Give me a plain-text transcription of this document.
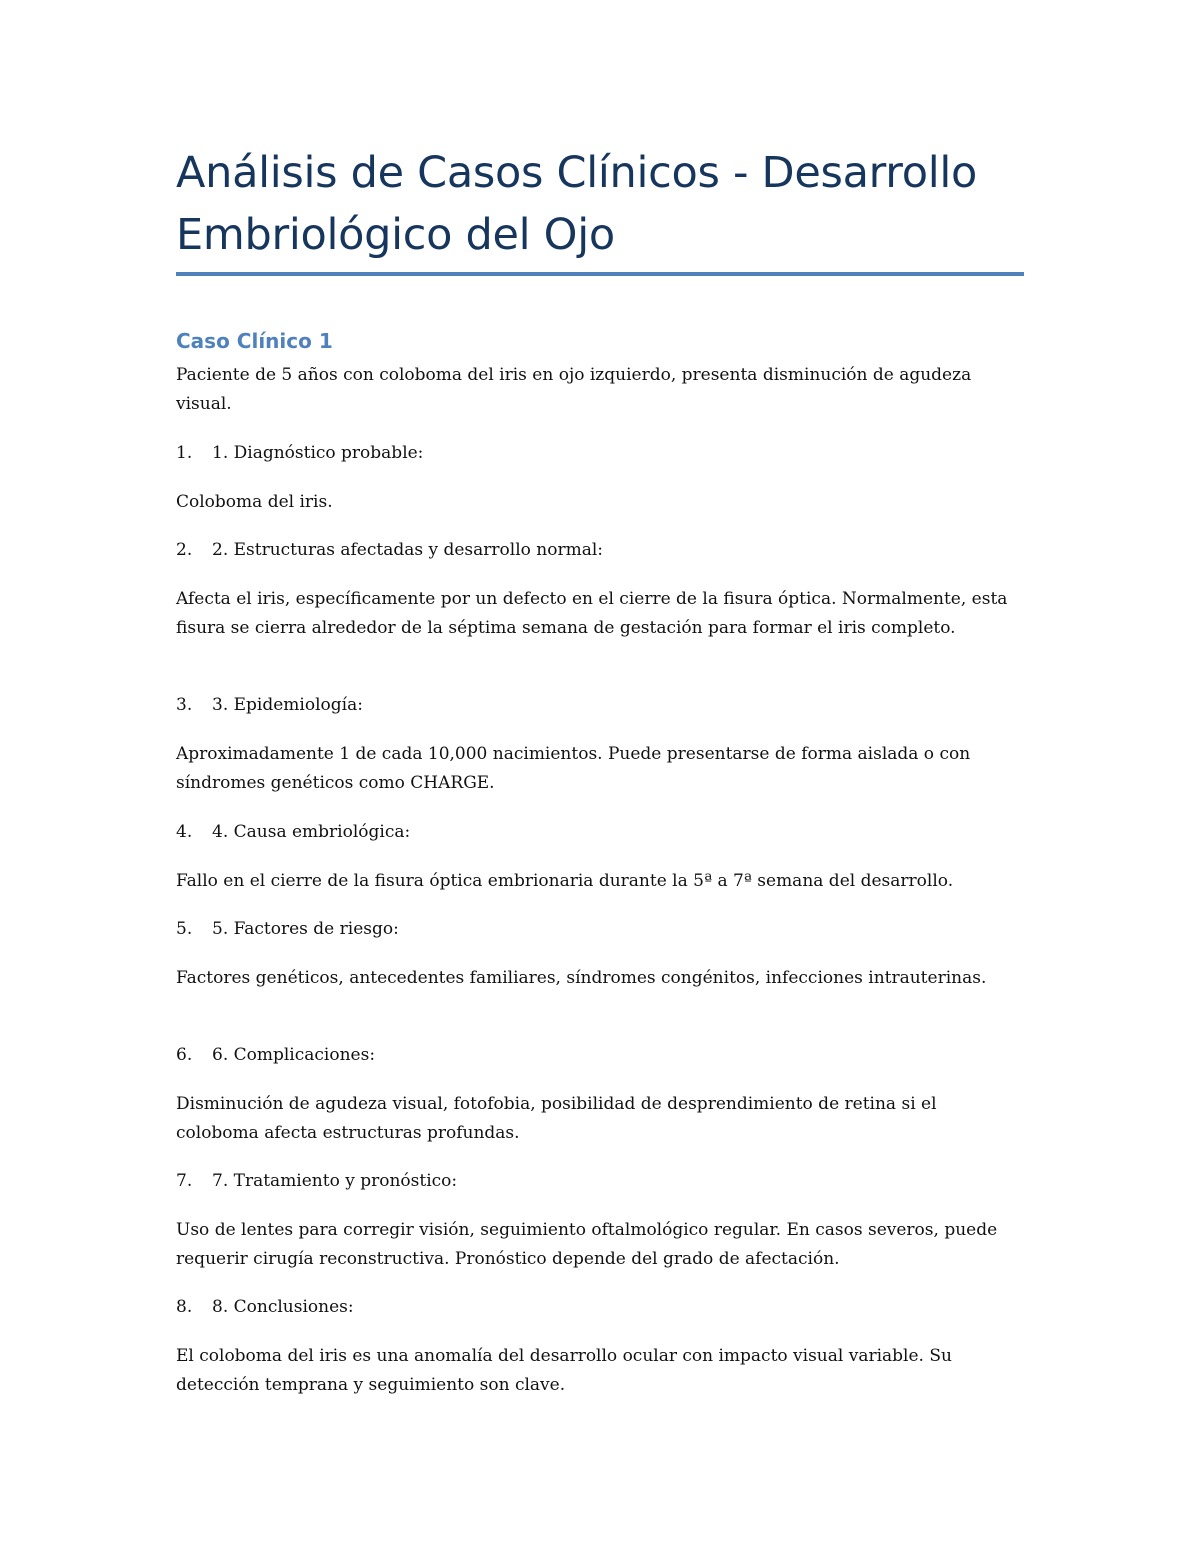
Análisis de Casos Clínicos - Desarrollo Embriológico del Ojo
Caso Clínico 1

Paciente de 5 años con coloboma del iris en ojo izquierdo, presenta disminución de agudeza visual.

1. 1. Diagnóstico probable:

Coloboma del iris.

2. 2. Estructuras afectadas y desarrollo normal:

Afecta el iris, específicamente por un defecto en el cierre de la fisura óptica. Normalmente, esta fisura se cierra alrededor de la séptima semana de gestación para formar el iris completo.

3. 3. Epidemiología:

Aproximadamente 1 de cada 10,000 nacimientos. Puede presentarse de forma aislada o con síndromes genéticos como CHARGE.

4. 4. Causa embriológica:

Fallo en el cierre de la fisura óptica embrionaria durante la 5ª a 7ª semana del desarrollo.

5. 5. Factores de riesgo:

Factores genéticos, antecedentes familiares, síndromes congénitos, infecciones intrauterinas.

6. 6. Complicaciones:

Disminución de agudeza visual, fotofobia, posibilidad de desprendimiento de retina si el coloboma afecta estructuras profundas.

7. 7. Tratamiento y pronóstico:

Uso de lentes para corregir visión, seguimiento oftalmológico regular. En casos severos, puede requerir cirugía reconstructiva. Pronóstico depende del grado de afectación.

8. 8. Conclusiones:

El coloboma del iris es una anomalía del desarrollo ocular con impacto visual variable. Su detección temprana y seguimiento son clave.
